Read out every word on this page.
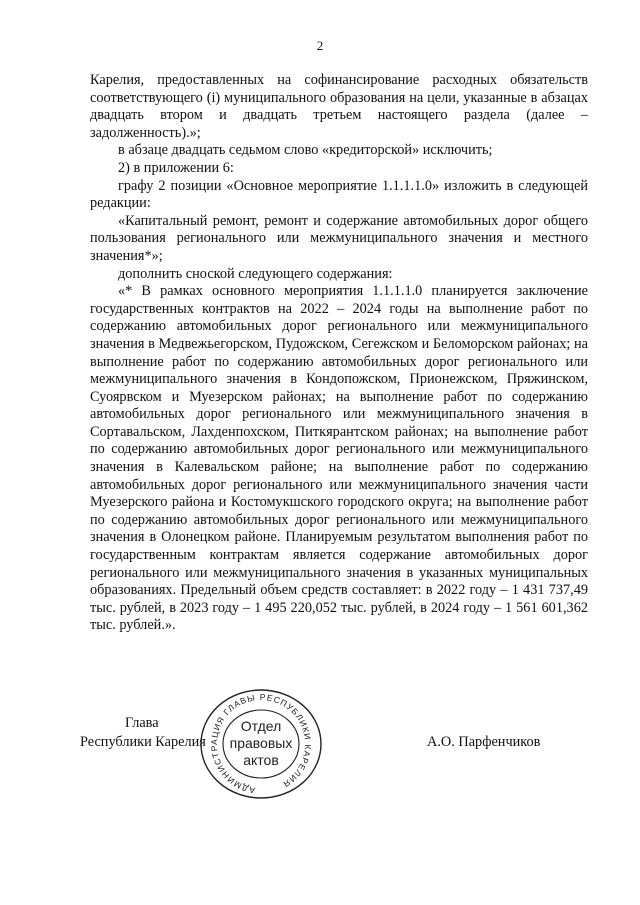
2

Карелия, предоставленных на софинансирование расходных обязательств соответствующего (i) муниципального образования на цели, указанные в абзацах двадцать втором и двадцать третьем настоящего раздела (далее – задолженность).»;

в абзаце двадцать седьмом слово «кредиторской» исключить;

2) в приложении 6:

графу 2 позиции «Основное мероприятие 1.1.1.1.0» изложить в следующей редакции:

«Капитальный ремонт, ремонт и содержание автомобильных дорог общего пользования регионального или межмуниципального значения и местного значения*»;

дополнить сноской следующего содержания:

«* В рамках основного мероприятия 1.1.1.1.0 планируется заключение государственных контрактов на 2022 – 2024 годы на выполнение работ по содержанию автомобильных дорог регионального или межмуниципального значения в Медвежьегорском, Пудожском, Сегежском и Беломорском районах; на выполнение работ по содержанию автомобильных дорог регионального или межмуниципального значения в Кондопожском, Прионежском, Пряжинском, Суоярвском и Муезерском районах; на выполнение работ по содержанию автомобильных дорог регионального или межмуниципального значения в Сортавальском, Лахденпохском, Питкярантском районах; на выполнение работ по содержанию автомобильных дорог регионального или межмуниципального значения в Калевальском районе; на выполнение работ по содержанию автомобильных дорог регионального или межмуниципального значения части Муезерского района и Костомукшского городского округа; на выполнение работ по содержанию автомобильных дорог регионального или межмуниципального значения в Олонецком районе. Планируемым результатом выполнения работ по государственным контрактам является содержание автомобильных дорог регионального или межмуниципального значения в указанных муниципальных образованиях. Предельный объем средств составляет: в 2022 году – 1 431 737,49 тыс. рублей, в 2023 году – 1 495 220,052 тыс. рублей, в 2024 году – 1 561 601,362 тыс. рублей.».

Глава
Республики Карелия	А.О. Парфенчиков
АДМИНИСТРАЦИЯ ГЛАВЫ РЕСПУБЛИКИ КАРЕЛИЯ
Отдел
правовых
актов
